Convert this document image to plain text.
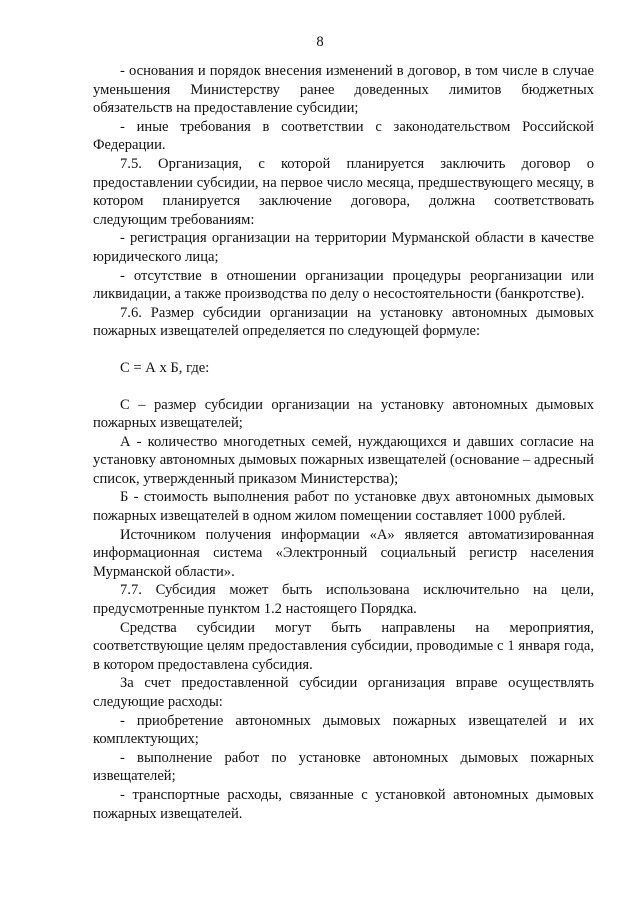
8

- основания и порядок внесения изменений в договор, в том числе в случае уменьшения Министерству ранее доведенных лимитов бюджетных обязательств на предоставление субсидии;

- иные требования в соответствии с законодательством Российской Федерации.

7.5. Организация, с которой планируется заключить договор о предоставлении субсидии, на первое число месяца, предшествующего месяцу, в котором планируется заключение договора, должна соответствовать следующим требованиям:

- регистрация организации на территории Мурманской области в качестве юридического лица;

- отсутствие в отношении организации процедуры реорганизации или ликвидации, а также производства по делу о несостоятельности (банкротстве).

7.6. Размер субсидии организации на установку автономных дымовых пожарных извещателей определяется по следующей формуле:

С = А х Б, где:

С – размер субсидии организации на установку автономных дымовых пожарных извещателей;

А - количество многодетных семей, нуждающихся и давших согласие на установку автономных дымовых пожарных извещателей (основание – адресный список, утвержденный приказом Министерства);

Б - стоимость выполнения работ по установке двух автономных дымовых пожарных извещателей в одном жилом помещении составляет 1000 рублей.

Источником получения информации «А» является автоматизированная информационная система «Электронный социальный регистр населения Мурманской области».

7.7. Субсидия может быть использована исключительно на цели, предусмотренные пунктом 1.2 настоящего Порядка.

Средства субсидии могут быть направлены на мероприятия, соответствующие целям предоставления субсидии, проводимые с 1 января года, в котором предоставлена субсидия.

За счет предоставленной субсидии организация вправе осуществлять следующие расходы:

- приобретение автономных дымовых пожарных извещателей и их комплектующих;

- выполнение работ по установке автономных дымовых пожарных извещателей;

- транспортные расходы, связанные с установкой автономных дымовых пожарных извещателей.
